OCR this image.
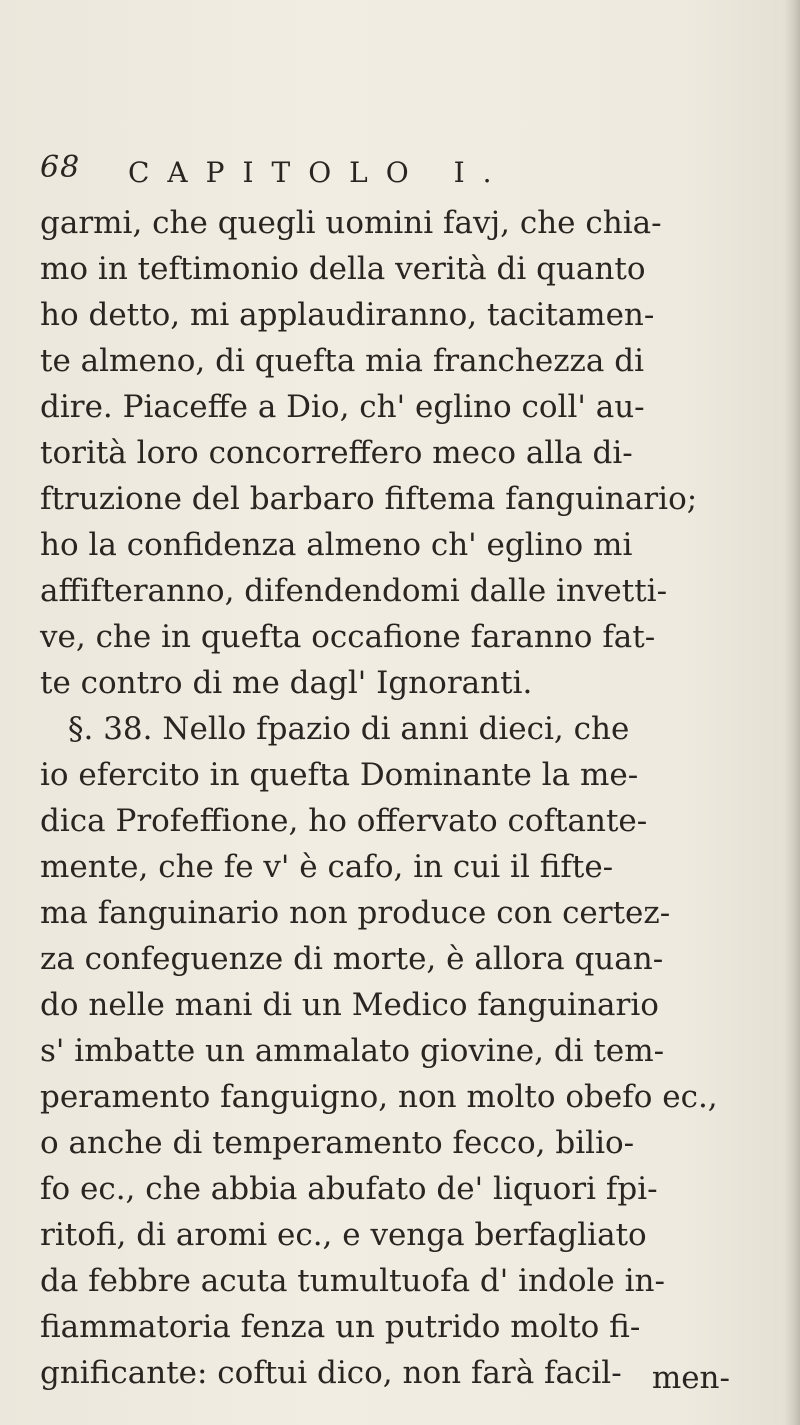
68 CAPITOLO I.
garmi, che quegli uomini favj, che chia-
mo in teftimonio della verità di quanto
ho detto, mi applaudiranno, tacitamen-
te almeno, di quefta mia franchezza di
dire. Piaceffe a Dio, ch' eglino coll' au-
torità loro concorreffero meco alla di-
ftruzione del barbaro fiftema fanguinario;
ho la confidenza almeno ch' eglino mi
affifteranno, difendendomi dalle invetti-
ve, che in quefta occafione faranno fat-
te contro di me dagl' Ignoranti.
§. 38. Nello fpazio di anni dieci, che
io efercito in quefta Dominante la me-
dica Profeffione, ho offervato coftante-
mente, che fe v' è cafo, in cui il fifte-
ma fanguinario non produce con certez-
za confeguenze di morte, è allora quan-
do nelle mani di un Medico fanguinario
s' imbatte un ammalato giovine, di tem-
peramento fanguigno, non molto obefo ec.,
o anche di temperamento fecco, bilio-
fo ec., che abbia abufato de' liquori fpi-
ritofi, di aromi ec., e venga berfagliato
da febbre acuta tumultuofa d' indole in-
fiammatoria fenza un putrido molto fi-
gnificante: coftui dico, non farà facil- men-
